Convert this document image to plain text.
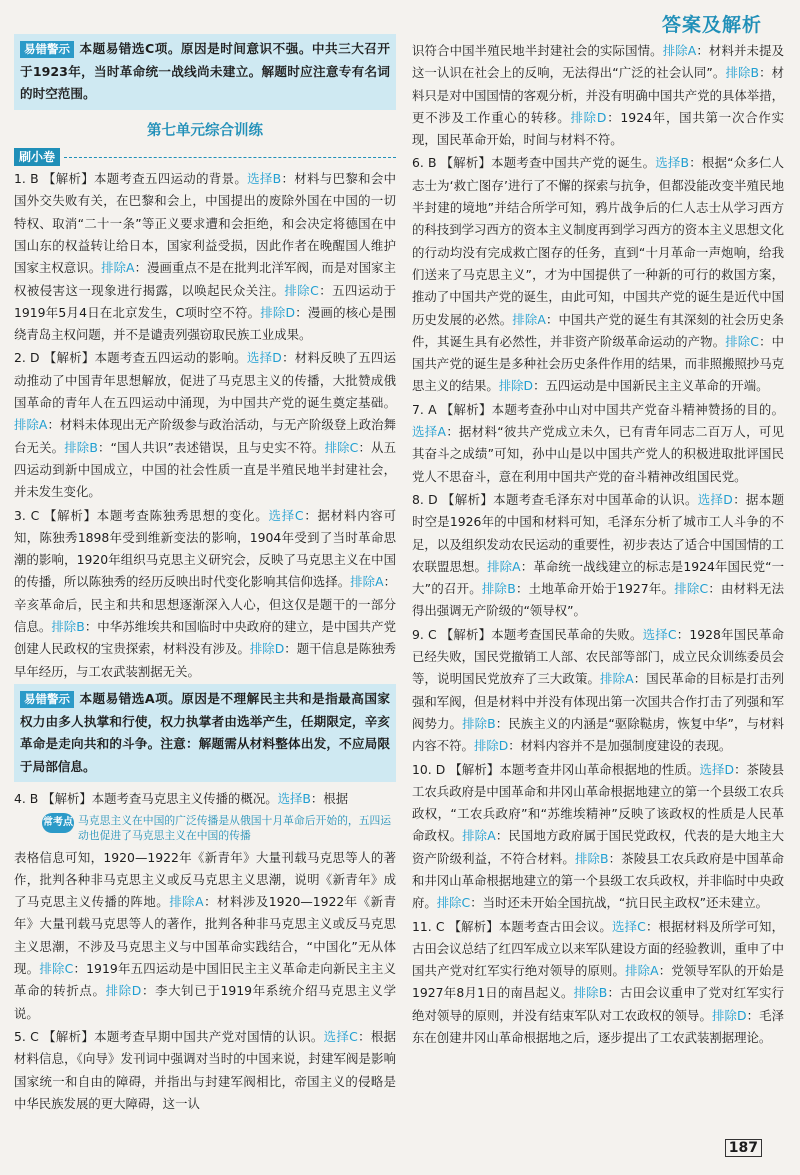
答案及解析

易错警示 本题易错选C项。原因是时间意识不强。中共三大召开于1923年，当时革命统一战线尚未建立。解题时应注意专有名词的时空范围。

第七单元综合训练
刷小卷

1. B 【解析】本题考查五四运动的背景。选择B：材料与巴黎和会中国外交失败有关，在巴黎和会上，中国提出的废除外国在中国的一切特权、取消“二十一条”等正义要求遭和会拒绝，和会决定将德国在中国山东的权益转让给日本，国家利益受损，因此作者在晚醒国人维护国家主权意识。排除A：漫画重点不是在批判北洋军阀，而是对国家主权被侵害这一现象进行揭露，以唤起民众关注。排除C：五四运动于1919年5月4日在北京发生，C项时空不符。排除D：漫画的核心是围绕青岛主权问题，并不是谴责列强窃取民族工业成果。

2. D 【解析】本题考查五四运动的影响。选择D：材料反映了五四运动推动了中国青年思想解放，促进了马克思主义的传播，大批赞成俄国革命的青年人在五四运动中涌现，为中国共产党的诞生奠定基础。排除A：材料未体现出无产阶级参与政治活动，与无产阶级登上政治舞台无关。排除B：“国人共识”表述错误，且与史实不符。排除C：从五四运动到新中国成立，中国的社会性质一直是半殖民地半封建社会，并未发生变化。

3. C 【解析】本题考查陈独秀思想的变化。选择C：据材料内容可知，陈独秀1898年受到维新变法的影响，1904年受到了当时革命思潮的影响，1920年组织马克思主义研究会，反映了马克思主义在中国的传播，所以陈独秀的经历反映出时代变化影响其信仰选择。排除A：辛亥革命后，民主和共和思想逐渐深入人心，但这仅是题干的一部分信息。排除B：中华苏维埃共和国临时中央政府的建立，是中国共产党创建人民政权的宝贵探索，材料没有涉及。排除D：题干信息是陈独秀早年经历，与工农武装割据无关。

易错警示 本题易错选A项。原因是不理解民主共和是指最高国家权力由多人执掌和行使，权力执掌者由选举产生，任期限定，辛亥革命是走向共和的斗争。注意：解题需从材料整体出发，不应局限于局部信息。

4. B 【解析】本题考查马克思主义传播的概况。选择B：根据

常考点 马克思主义在中国的广泛传播是从俄国十月革命后开始的，五四运动也促进了马克思主义在中国的传播

表格信息可知，1920—1922年《新青年》大量刊载马克思等人的著作，批判各种非马克思主义或反马克思主义思潮，说明《新青年》成了马克思主义传播的阵地。排除A：材料涉及1920—1922年《新青年》大量刊载马克思等人的著作，批判各种非马克思主义或反马克思主义思潮，不涉及马克思主义与中国革命实践结合，“中国化”无从体现。排除C：1919年五四运动是中国旧民主主义革命走向新民主主义革命的转折点。排除D：李大钊已于1919年系统介绍马克思主义学说。

5. C 【解析】本题考查早期中国共产党对国情的认识。选择C：根据材料信息，《向导》发刊词中强调对当时的中国来说，封建军阀是影响国家统一和自由的障碍，并指出与封建军阀相比，帝国主义的侵略是中华民族发展的更大障碍，这一认

识符合中国半殖民地半封建社会的实际国情。排除A：材料并未提及这一认识在社会上的反响，无法得出“广泛的社会认同”。排除B：材料只是对中国国情的客观分析，并没有明确中国共产党的具体举措，更不涉及工作重心的转移。排除D：1924年，国共第一次合作实现，国民革命开始，时间与材料不符。

6. B 【解析】本题考查中国共产党的诞生。选择B：根据“众多仁人志士为‘救亡图存’进行了不懈的探索与抗争，但都没能改变半殖民地半封建的境地”并结合所学可知，鸦片战争后的仁人志士从学习西方的科技到学习西方的资本主义制度再到学习西方的资本主义思想文化的行动均没有完成救亡图存的任务，直到“十月革命一声炮响，给我们送来了马克思主义”，才为中国提供了一种新的可行的救国方案，推动了中国共产党的诞生，由此可知，中国共产党的诞生是近代中国历史发展的必然。排除A：中国共产党的诞生有其深刻的社会历史条件，其诞生具有必然性，并非资产阶级革命运动的产物。排除C：中国共产党的诞生是多种社会历史条件作用的结果，而非照搬照抄马克思主义的结果。排除D：五四运动是中国新民主主义革命的开端。

7. A 【解析】本题考查孙中山对中国共产党奋斗精神赞扬的目的。选择A：据材料“彼共产党成立未久，已有青年同志二百万人，可见其奋斗之成绩”可知，孙中山是以中国共产党人的积极进取批评国民党人不思奋斗，意在利用中国共产党的奋斗精神改组国民党。

8. D 【解析】本题考查毛泽东对中国革命的认识。选择D：据本题时空是1926年的中国和材料可知，毛泽东分析了城市工人斗争的不足，以及组织发动农民运动的重要性，初步表达了适合中国国情的工农联盟思想。排除A：革命统一战线建立的标志是1924年国民党“一大”的召开。排除B：土地革命开始于1927年。排除C：由材料无法得出强调无产阶级的“领导权”。

9. C 【解析】本题考查国民革命的失败。选择C：1928年国民革命已经失败，国民党撤销工人部、农民部等部门，成立民众训练委员会等，说明国民党放弃了三大政策。排除A：国民革命的目标是打击列强和军阀，但是材料中并没有体现出第一次国共合作打击了列强和军阀势力。排除B：民族主义的内涵是“驱除鞑虏，恢复中华”，与材料内容不符。排除D：材料内容并不是加强制度建设的表现。

10. D 【解析】本题考查井冈山革命根据地的性质。选择D：茶陵县工农兵政府是中国革命和井冈山革命根据地建立的第一个县级工农兵政权，“工农兵政府”和“苏维埃精神”反映了该政权的性质是人民革命政权。排除A：民国地方政府属于国民党政权，代表的是大地主大资产阶级利益，不符合材料。排除B：茶陵县工农兵政府是中国革命和井冈山革命根据地建立的第一个县级工农兵政权，并非临时中央政府。排除C：当时还未开始全国抗战，“抗日民主政权”还未建立。

11. C 【解析】本题考查古田会议。选择C：根据材料及所学可知，古田会议总结了红四军成立以来军队建设方面的经验教训，重申了中国共产党对红军实行绝对领导的原则。排除A：党领导军队的开始是1927年8月1日的南昌起义。排除B：古田会议重申了党对红军实行绝对领导的原则，并没有结束军队对工农政权的领导。排除D：毛泽东在创建井冈山革命根据地之后，逐步提出了工农武装割据理论。

187
